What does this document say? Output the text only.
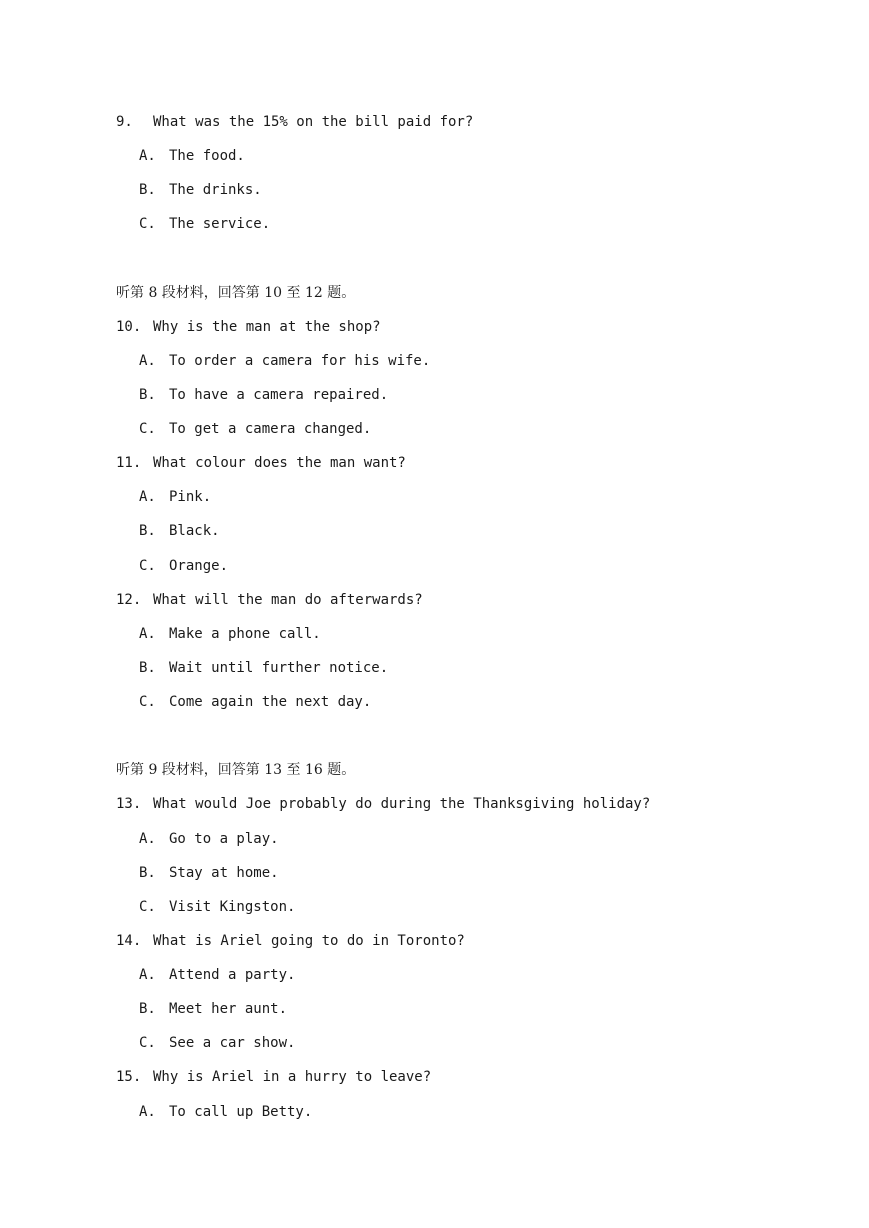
9. What was the 15% on the bill paid for?
A. The food.
B. The drinks.
C. The service.
听第 8 段材料，回答第 10 至 12 题。
10. Why is the man at the shop?
A. To order a camera for his wife.
B. To have a camera repaired.
C. To get a camera changed.
11. What colour does the man want?
A. Pink.
B. Black.
C. Orange.
12. What will the man do afterwards?
A. Make a phone call.
B. Wait until further notice.
C. Come again the next day.
听第 9 段材料，回答第 13 至 16 题。
13. What would Joe probably do during the Thanksgiving holiday?
A. Go to a play.
B. Stay at home.
C. Visit Kingston.
14. What is Ariel going to do in Toronto?
A. Attend a party.
B. Meet her aunt.
C. See a car show.
15. Why is Ariel in a hurry to leave?
A. To call up Betty.
